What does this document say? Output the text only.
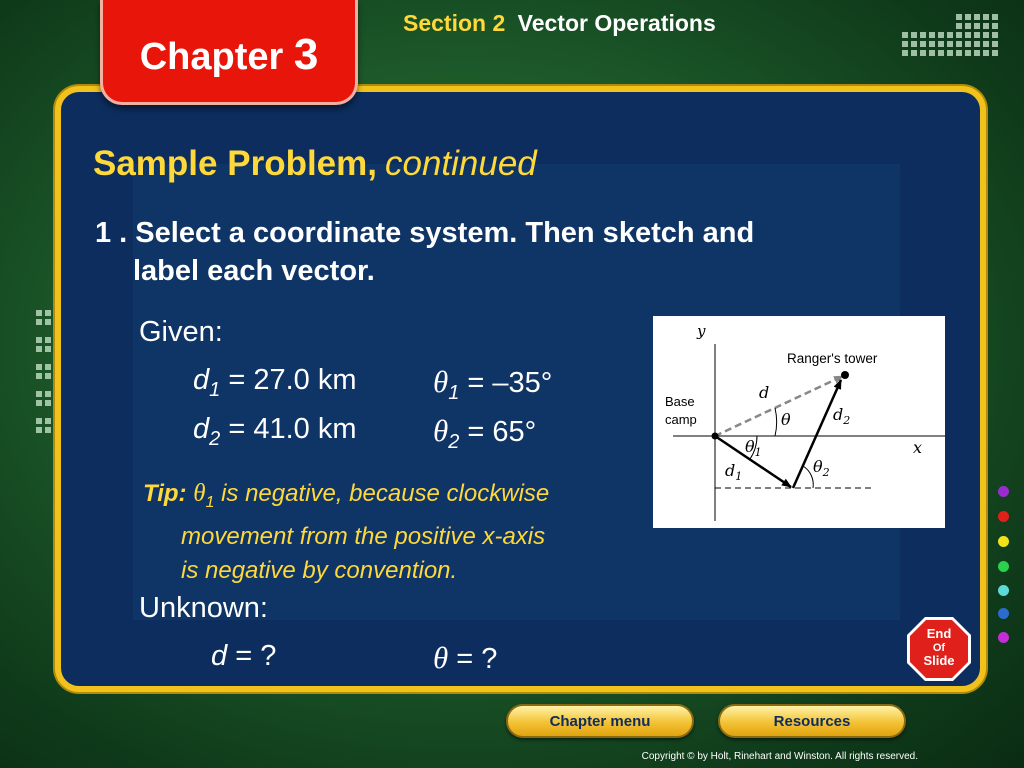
Chapter 3
Section 2 Vector Operations
Sample Problem, continued
1 . Select a coordinate system. Then sketch and
label each vector.
Given:
$d_1 = 27.0$ km $\theta_1 = -35^\circ$
$d_2 = 41.0$ km $\theta_2 = 65^\circ$
Tip: $\theta_1$ is negative, because clockwise
movement from the positive x-axis
is negative by convention.
Unknown:
d = ?	θ = ?
y
x
Ranger's tower
Base
camp
d
θ
$\theta_1$
$\theta_2$
$d_1$
$d_2$
End
Of
Slide
Chapter menu	Resources
Copyright © by Holt, Rinehart and Winston. All rights reserved.
